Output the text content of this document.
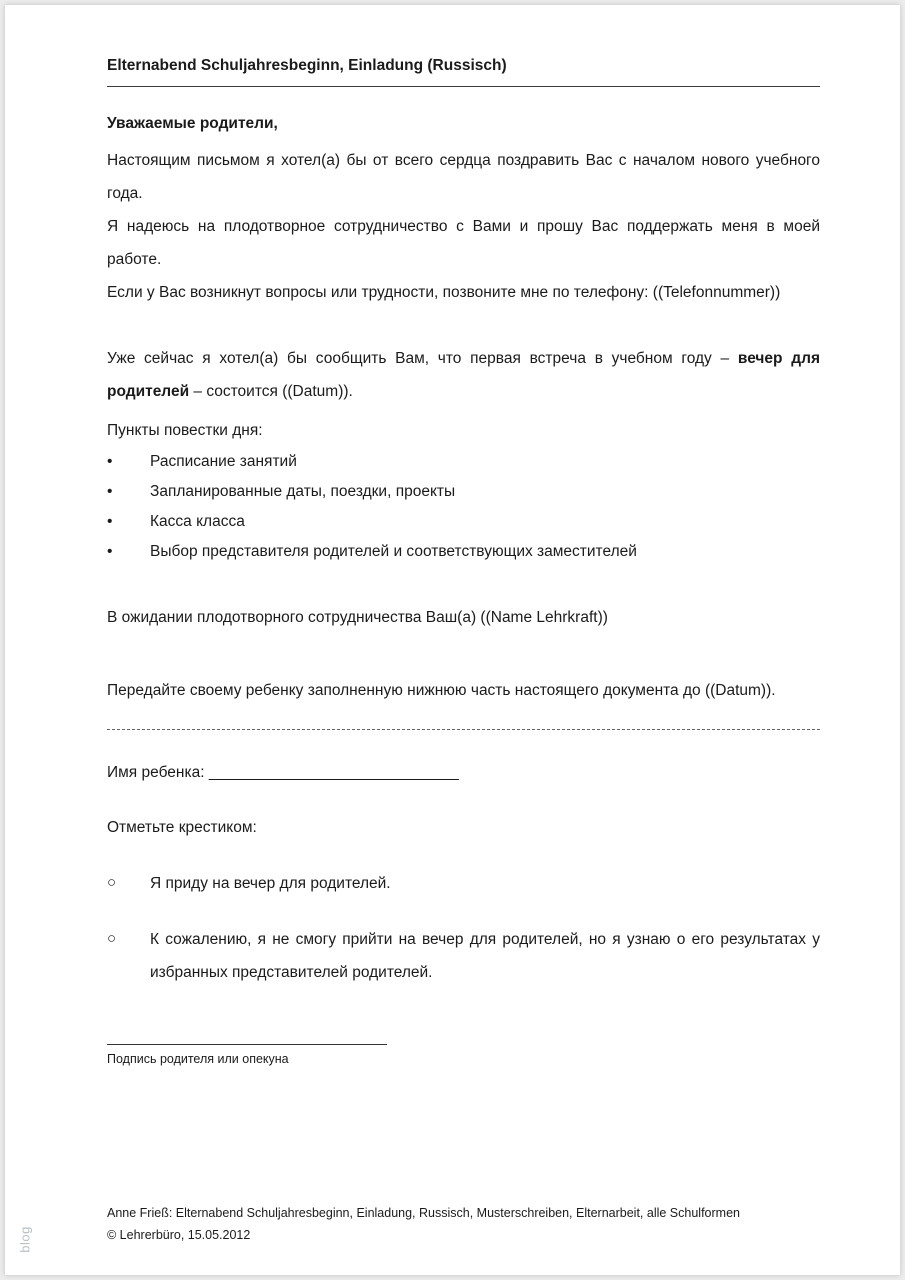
Elternabend Schuljahresbeginn, Einladung (Russisch)
Уважаемые родители,

Настоящим письмом я хотел(а) бы от всего сердца поздравить Вас с началом нового учебного года.

Я надеюсь на плодотворное сотрудничество с Вами и прошу Вас поддержать меня в моей работе.

Если у Вас возникнут вопросы или трудности, позвоните мне по телефону: ((Telefonnummer))

Уже сейчас я хотел(а) бы сообщить Вам, что первая встреча в учебном году – вечер для родителей – состоится ((Datum)).

Пункты повестки дня:
•	Расписание занятий
•	Запланированные даты, поездки, проекты
•	Касса класса
•	Выбор представителя родителей и соответствующих заместителей

В ожидании плодотворного сотрудничества Ваш(а) ((Name Lehrkraft))

Передайте своему ребенку заполненную нижнюю часть настоящего документа до ((Datum)).

Имя ребенка: _____________________________
Отметьте крестиком:
○	Я приду на вечер для родителей.
○	К сожалению, я не смогу прийти на вечер для родителей, но я узнаю о его результатах у избранных представителей родителей.
Подпись родителя или опекуна
Anne Frieß: Elternabend Schuljahresbeginn, Einladung, Russisch, Musterschreiben, Elternarbeit, alle Schulformen
© Lehrerbüro, 15.05.2012
blog
